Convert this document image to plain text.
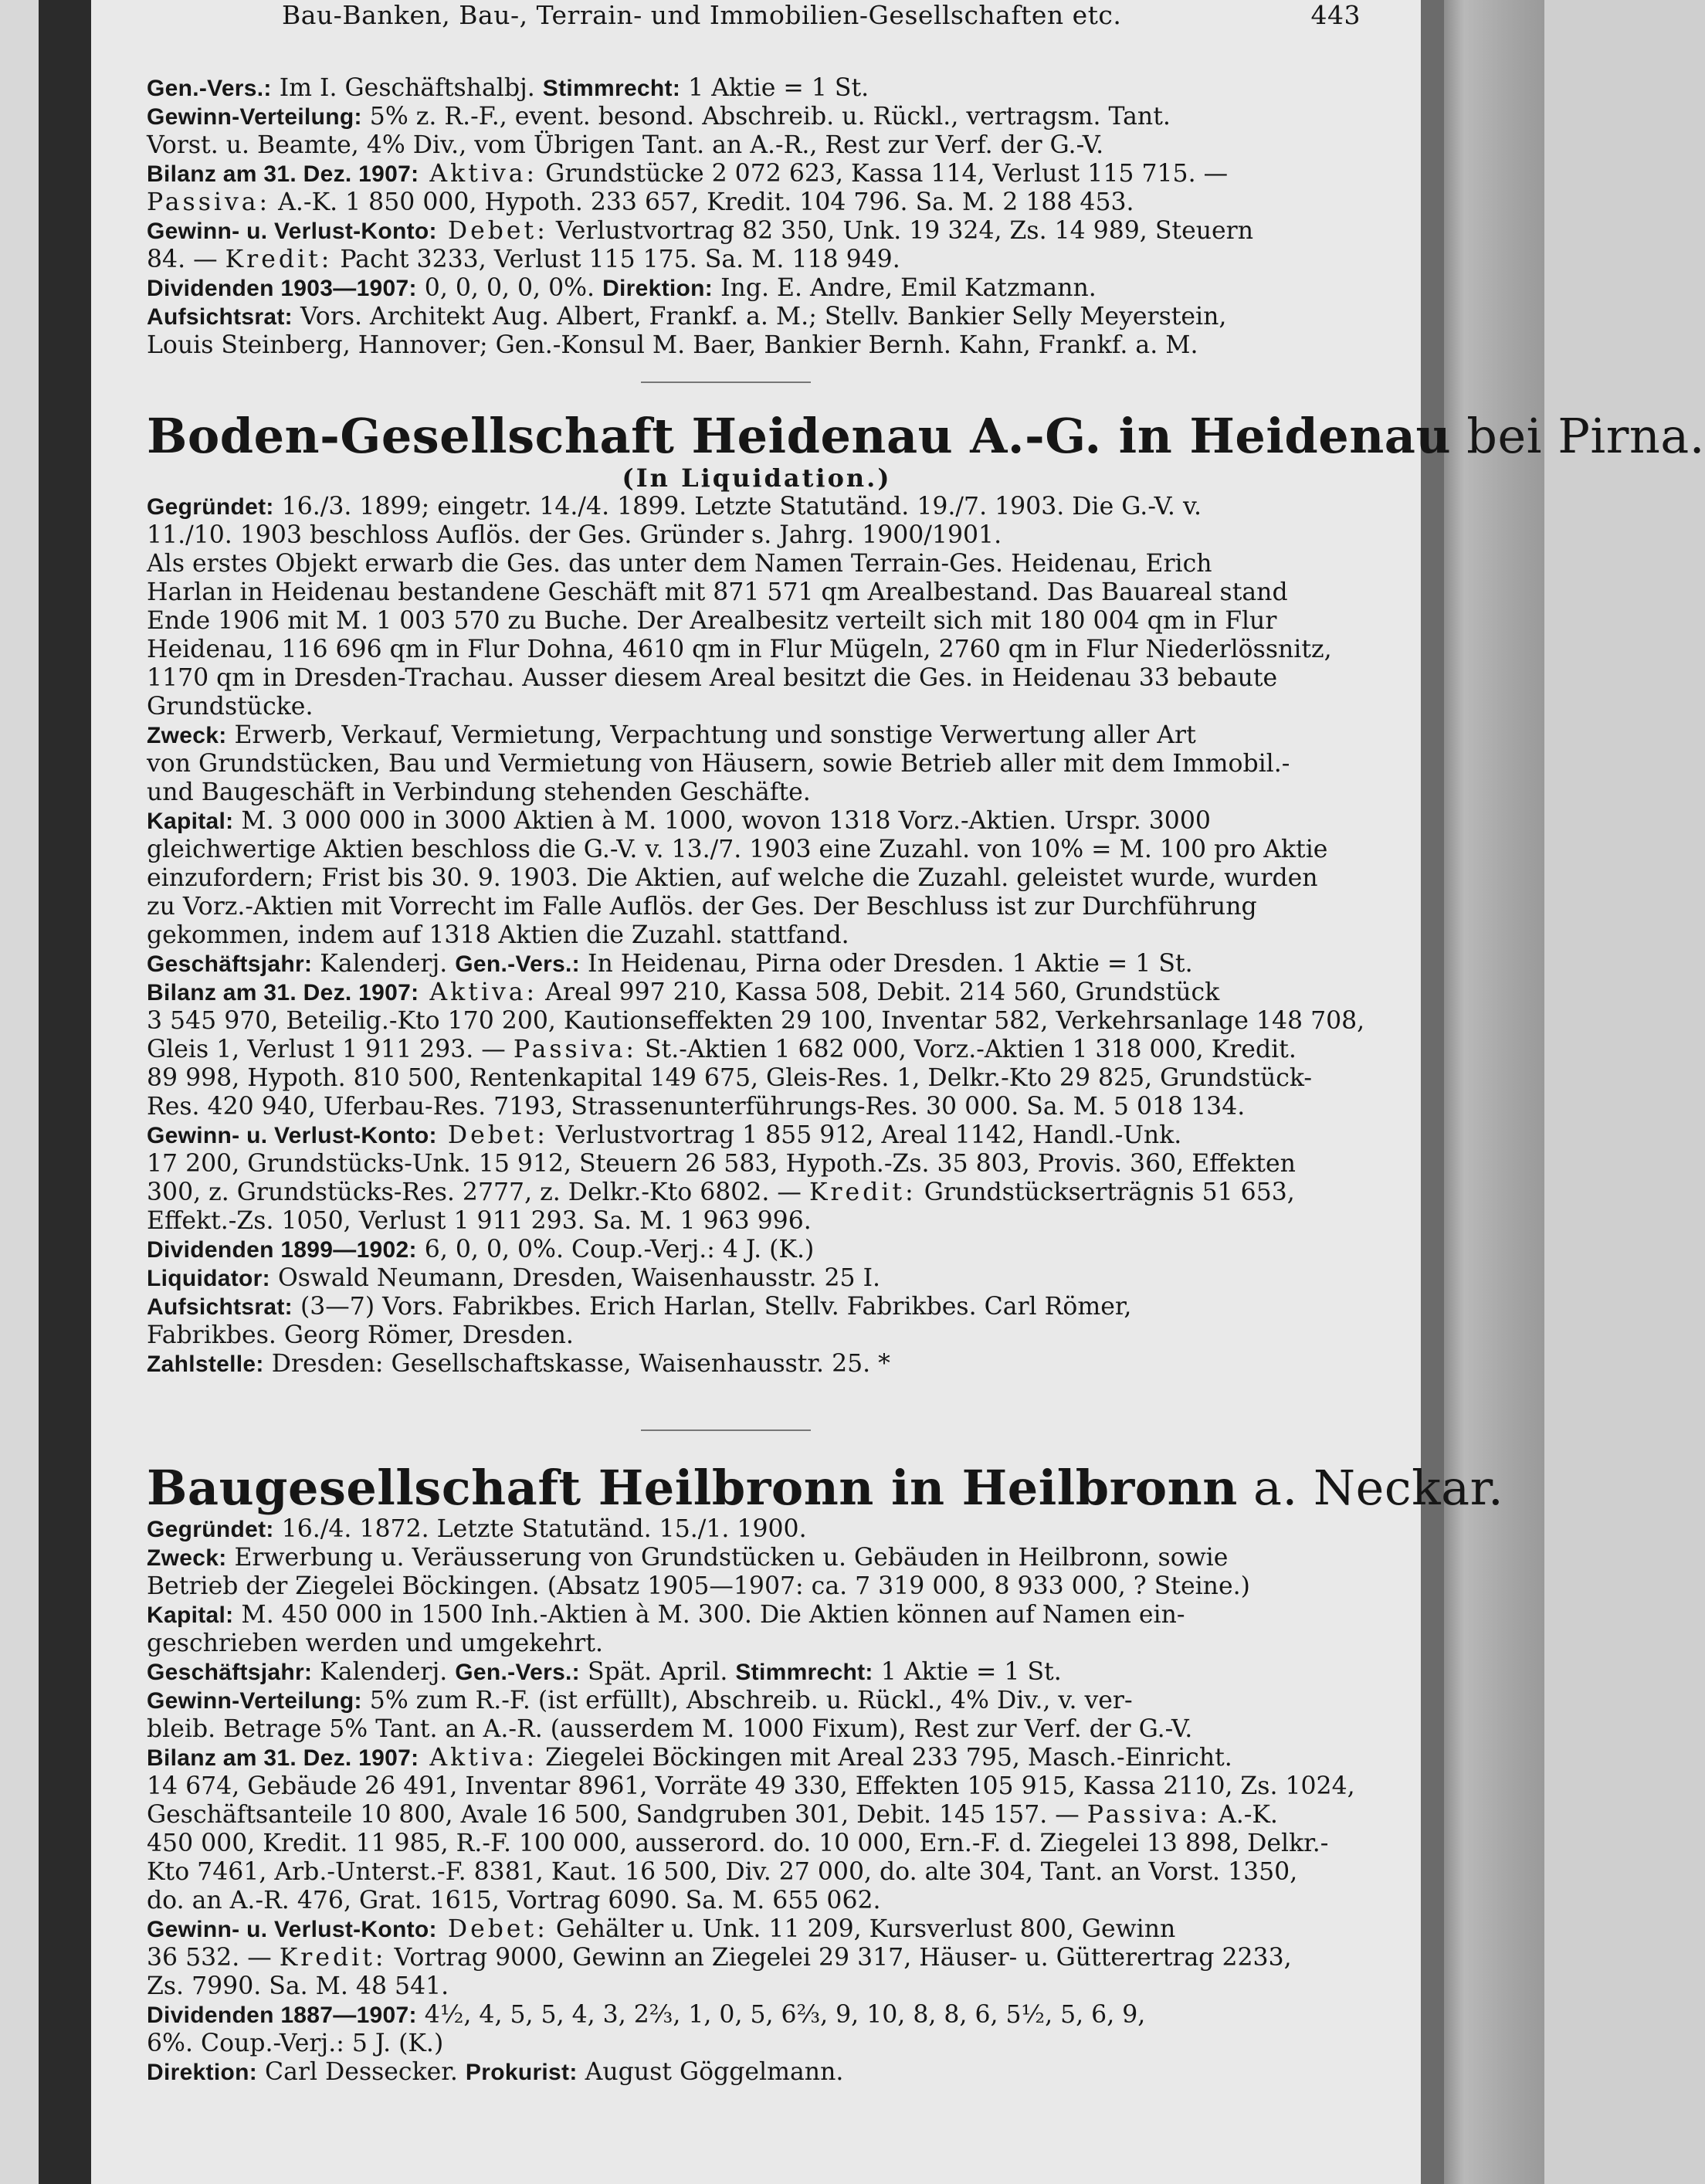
Bau-Banken, Bau-, Terrain- und Immobilien-Gesellschaften etc.	443
Gen.-Vers.: Im I. Geschäftshalbj. Stimmrecht: 1 Aktie = 1 St.
Gewinn-Verteilung: 5% z. R.-F., event. besond. Abschreib. u. Rückl., vertragsm. Tant.
Vorst. u. Beamte, 4% Div., vom Übrigen Tant. an A.-R., Rest zur Verf. der G.-V.
Bilanz am 31. Dez. 1907: Aktiva: Grundstücke 2 072 623, Kassa 114, Verlust 115 715. —
Passiva: A.-K. 1 850 000, Hypoth. 233 657, Kredit. 104 796. Sa. M. 2 188 453.
Gewinn- u. Verlust-Konto: Debet: Verlustvortrag 82 350, Unk. 19 324, Zs. 14 989, Steuern
84. — Kredit: Pacht 3233, Verlust 115 175. Sa. M. 118 949.
Dividenden 1903—1907: 0, 0, 0, 0, 0%. Direktion: Ing. E. Andre, Emil Katzmann.
Aufsichtsrat: Vors. Architekt Aug. Albert, Frankf. a. M.; Stellv. Bankier Selly Meyerstein,
Louis Steinberg, Hannover; Gen.-Konsul M. Baer, Bankier Bernh. Kahn, Frankf. a. M.
Boden-Gesellschaft Heidenau A.-G. in Heidenau bei Pirna.
(In Liquidation.)
Gegründet: 16./3. 1899; eingetr. 14./4. 1899. Letzte Statutänd. 19./7. 1903. Die G.-V. v.
11./10. 1903 beschloss Auflös. der Ges. Gründer s. Jahrg. 1900/1901.
Als erstes Objekt erwarb die Ges. das unter dem Namen Terrain-Ges. Heidenau, Erich
Harlan in Heidenau bestandene Geschäft mit 871 571 qm Arealbestand. Das Bauareal stand
Ende 1906 mit M. 1 003 570 zu Buche. Der Arealbesitz verteilt sich mit 180 004 qm in Flur
Heidenau, 116 696 qm in Flur Dohna, 4610 qm in Flur Mügeln, 2760 qm in Flur Niederlössnitz,
1170 qm in Dresden-Trachau. Ausser diesem Areal besitzt die Ges. in Heidenau 33 bebaute
Grundstücke.
Zweck: Erwerb, Verkauf, Vermietung, Verpachtung und sonstige Verwertung aller Art
von Grundstücken, Bau und Vermietung von Häusern, sowie Betrieb aller mit dem Immobil.-
und Baugeschäft in Verbindung stehenden Geschäfte.
Kapital: M. 3 000 000 in 3000 Aktien à M. 1000, wovon 1318 Vorz.-Aktien. Urspr. 3000
gleichwertige Aktien beschloss die G.-V. v. 13./7. 1903 eine Zuzahl. von 10% = M. 100 pro Aktie
einzufordern; Frist bis 30. 9. 1903. Die Aktien, auf welche die Zuzahl. geleistet wurde, wurden
zu Vorz.-Aktien mit Vorrecht im Falle Auflös. der Ges. Der Beschluss ist zur Durchführung
gekommen, indem auf 1318 Aktien die Zuzahl. stattfand.
Geschäftsjahr: Kalenderj. Gen.-Vers.: In Heidenau, Pirna oder Dresden. 1 Aktie = 1 St.
Bilanz am 31. Dez. 1907: Aktiva: Areal 997 210, Kassa 508, Debit. 214 560, Grundstück
3 545 970, Beteilig.-Kto 170 200, Kautionseffekten 29 100, Inventar 582, Verkehrsanlage 148 708,
Gleis 1, Verlust 1 911 293. — Passiva: St.-Aktien 1 682 000, Vorz.-Aktien 1 318 000, Kredit.
89 998, Hypoth. 810 500, Rentenkapital 149 675, Gleis-Res. 1, Delkr.-Kto 29 825, Grundstück-
Res. 420 940, Uferbau-Res. 7193, Strassenunterführungs-Res. 30 000. Sa. M. 5 018 134.
Gewinn- u. Verlust-Konto: Debet: Verlustvortrag 1 855 912, Areal 1142, Handl.-Unk.
17 200, Grundstücks-Unk. 15 912, Steuern 26 583, Hypoth.-Zs. 35 803, Provis. 360, Effekten
300, z. Grundstücks-Res. 2777, z. Delkr.-Kto 6802. — Kredit: Grundstückserträgnis 51 653,
Effekt.-Zs. 1050, Verlust 1 911 293. Sa. M. 1 963 996.
Dividenden 1899—1902: 6, 0, 0, 0%. Coup.-Verj.: 4 J. (K.)
Liquidator: Oswald Neumann, Dresden, Waisenhausstr. 25 I.
Aufsichtsrat: (3—7) Vors. Fabrikbes. Erich Harlan, Stellv. Fabrikbes. Carl Römer,
Fabrikbes. Georg Römer, Dresden.
Zahlstelle: Dresden: Gesellschaftskasse, Waisenhausstr. 25. *
Baugesellschaft Heilbronn in Heilbronn a. Neckar.
Gegründet: 16./4. 1872. Letzte Statutänd. 15./1. 1900.
Zweck: Erwerbung u. Veräusserung von Grundstücken u. Gebäuden in Heilbronn, sowie
Betrieb der Ziegelei Böckingen. (Absatz 1905—1907: ca. 7 319 000, 8 933 000, ? Steine.)
Kapital: M. 450 000 in 1500 Inh.-Aktien à M. 300. Die Aktien können auf Namen ein-
geschrieben werden und umgekehrt.
Geschäftsjahr: Kalenderj. Gen.-Vers.: Spät. April. Stimmrecht: 1 Aktie = 1 St.
Gewinn-Verteilung: 5% zum R.-F. (ist erfüllt), Abschreib. u. Rückl., 4% Div., v. ver-
bleib. Betrage 5% Tant. an A.-R. (ausserdem M. 1000 Fixum), Rest zur Verf. der G.-V.
Bilanz am 31. Dez. 1907: Aktiva: Ziegelei Böckingen mit Areal 233 795, Masch.-Einricht.
14 674, Gebäude 26 491, Inventar 8961, Vorräte 49 330, Effekten 105 915, Kassa 2110, Zs. 1024,
Geschäftsanteile 10 800, Avale 16 500, Sandgruben 301, Debit. 145 157. — Passiva: A.-K.
450 000, Kredit. 11 985, R.-F. 100 000, ausserord. do. 10 000, Ern.-F. d. Ziegelei 13 898, Delkr.-
Kto 7461, Arb.-Unterst.-F. 8381, Kaut. 16 500, Div. 27 000, do. alte 304, Tant. an Vorst. 1350,
do. an A.-R. 476, Grat. 1615, Vortrag 6090. Sa. M. 655 062.
Gewinn- u. Verlust-Konto: Debet: Gehälter u. Unk. 11 209, Kursverlust 800, Gewinn
36 532. — Kredit: Vortrag 9000, Gewinn an Ziegelei 29 317, Häuser- u. Gütterertrag 2233,
Zs. 7990. Sa. M. 48 541.
Dividenden 1887—1907: 4½, 4, 5, 5, 4, 3, 2⅔, 1, 0, 5, 6⅔, 9, 10, 8, 8, 6, 5½, 5, 6, 9,
6%. Coup.-Verj.: 5 J. (K.)
Direktion: Carl Dessecker. Prokurist: August Göggelmann.
